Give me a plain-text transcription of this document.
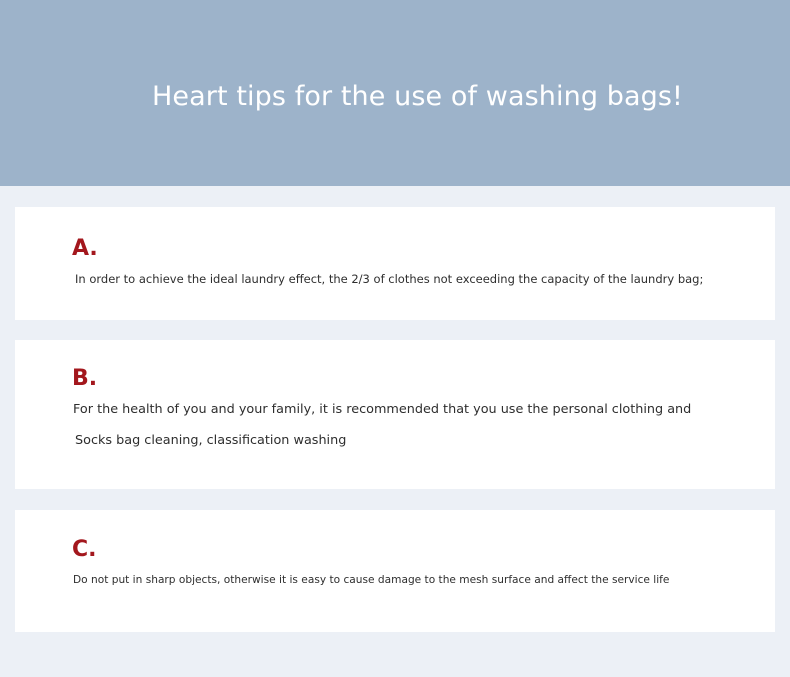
Heart tips for the use of washing bags!
A.
In order to achieve the ideal laundry effect, the 2/3 of clothes not exceeding the capacity of the laundry bag;
B.
For the health of you and your family, it is recommended that you use the personal clothing and
Socks bag cleaning, classification washing
C.
Do not put in sharp objects, otherwise it is easy to cause damage to the mesh surface and affect the service life
